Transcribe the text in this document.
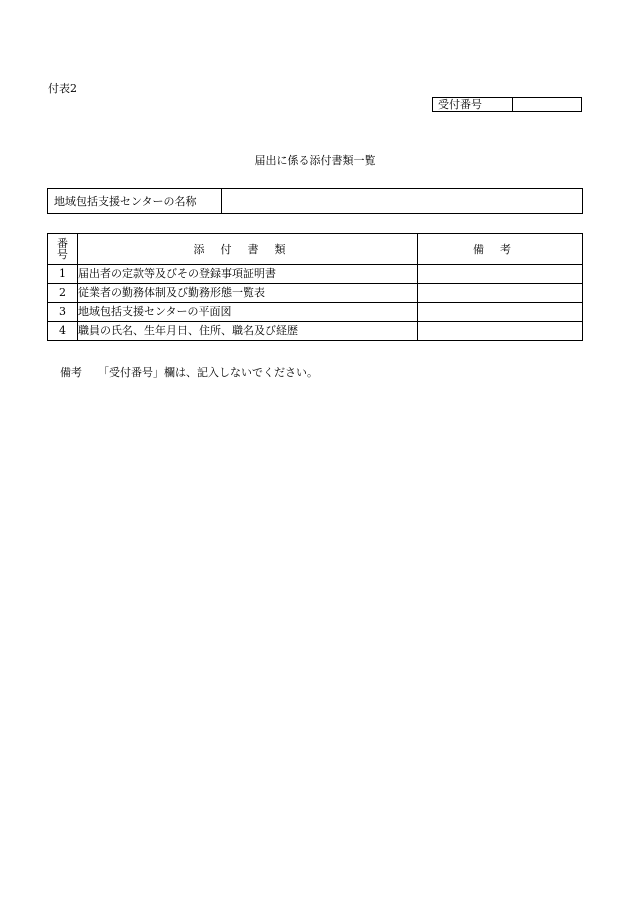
付表2
受付番号
届出に係る添付書類一覧
地域包括支援センターの名称
番
号	添付書類	備考
1	届出者の定款等及びその登録事項証明書	
2	従業者の勤務体制及び勤務形態一覧表	
3	地域包括支援センターの平面図	
4	職員の氏名、生年月日、住所、職名及び経歴	
備考 「受付番号」欄は、記入しないでください。
